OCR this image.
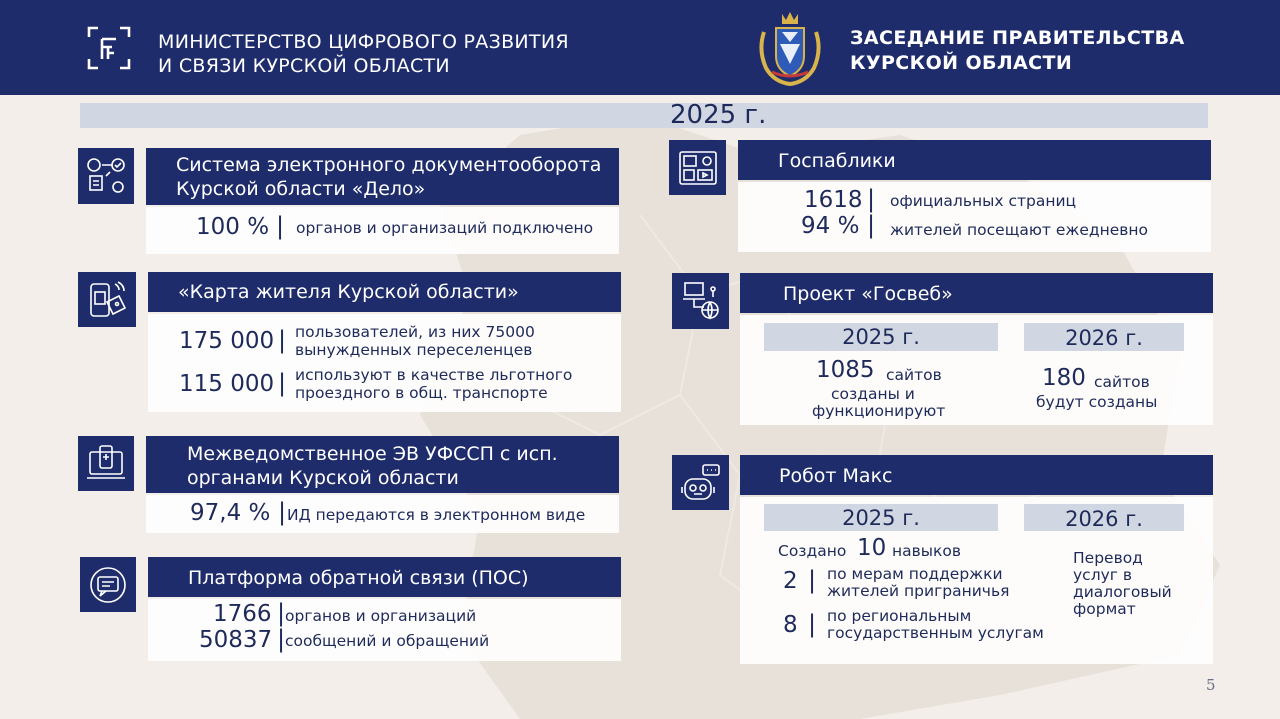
МИНИСТЕРСТВО ЦИФРОВОГО РАЗВИТИЯ
И СВЯЗИ КУРСКОЙ ОБЛАСТИ
ЗАСЕДАНИЕ ПРАВИТЕЛЬСТВА
КУРСКОЙ ОБЛАСТИ
2025 г.
Система электронного документооборота
Курской области «Дело»
100 % | органов и организаций подключено
«Карта жителя Курской области»
175 000 | пользователей, из них 75000
вынужденных переселенцев
115 000 | используют в качестве льготного
проездного в общ. транспорте
Межведомственное ЭВ УФССП с исп.
органами Курской области
97,4 % | ИД передаются в электронном виде
Платформа обратной связи (ПОС)
1766 | органов и организаций
50837 | сообщений и обращений
Госпаблики
1618 | официальных страниц
94 % | жителей посещают ежедневно
Проект «Госвеб»
2025 г.	2026 г.
1085 сайтов
созданы и
функционируют
180 сайтов
будут созданы
Робот Макс
2025 г.	2026 г.
Создано 10 навыков
2 | по мерам поддержки
жителей приграничья
8 | по региональным
государственным услугам
Перевод
услуг в
диалоговый
формат
5
